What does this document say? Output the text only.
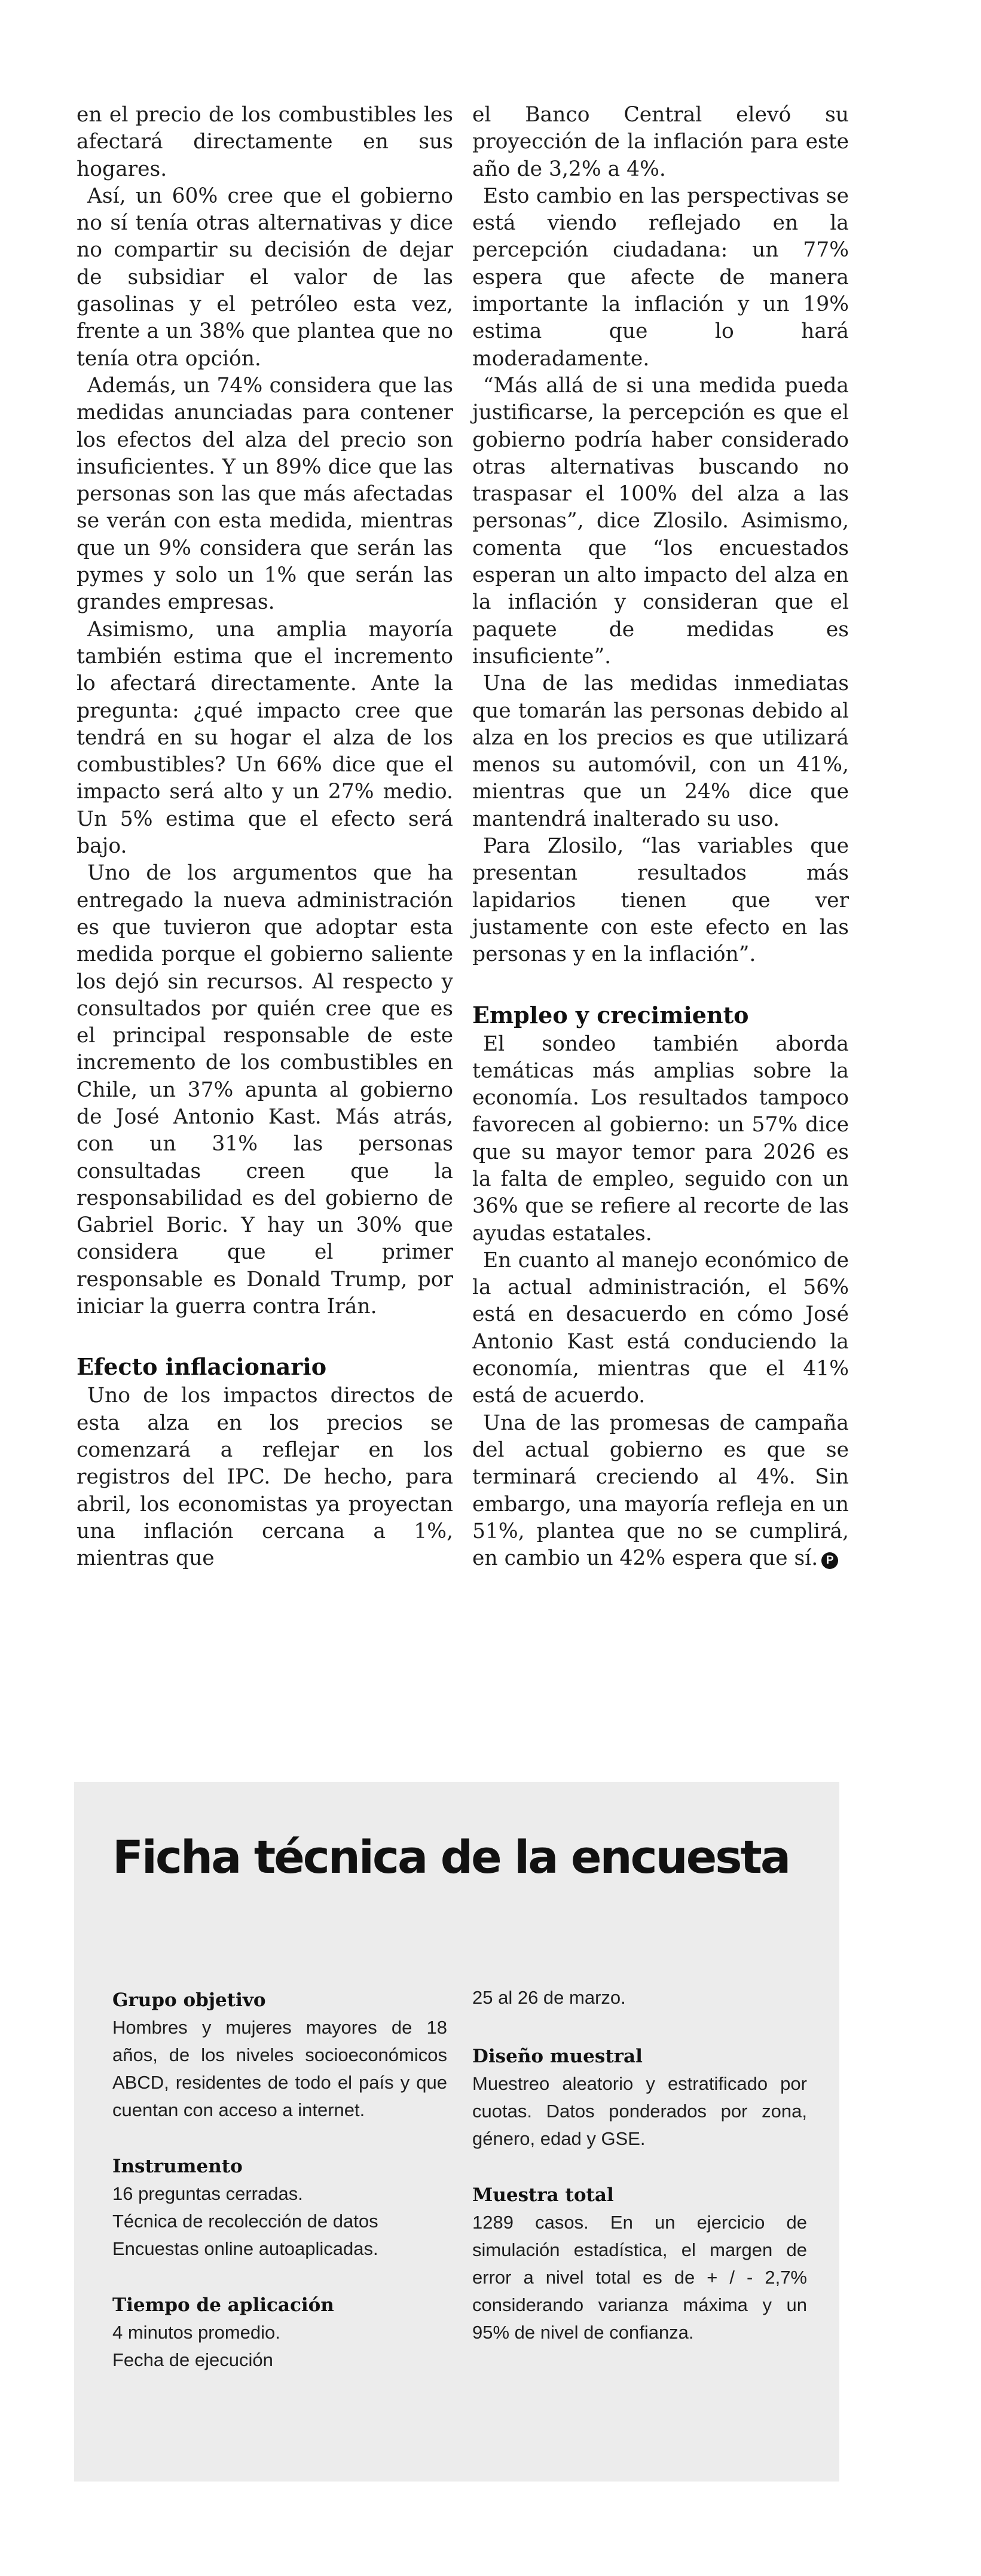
en el precio de los combustibles les afectará directamente en sus hogares.

Así, un 60% cree que el gobierno no sí tenía otras alternativas y dice no compartir su decisión de dejar de subsidiar el valor de las gasolinas y el petróleo esta vez, frente a un 38% que plantea que no tenía otra opción.

Además, un 74% considera que las medidas anunciadas para contener los efectos del alza del precio son insuficientes. Y un 89% dice que las personas son las que más afectadas se verán con esta medida, mientras que un 9% considera que serán las pymes y solo un 1% que serán las grandes empresas.

Asimismo, una amplia mayoría también estima que el incremento lo afectará directamente. Ante la pregunta: ¿qué impacto cree que tendrá en su hogar el alza de los combustibles? Un 66% dice que el impacto será alto y un 27% medio. Un 5% estima que el efecto será bajo.

Uno de los argumentos que ha entregado la nueva administración es que tuvieron que adoptar esta medida porque el gobierno saliente los dejó sin recursos. Al respecto y consultados por quién cree que es el principal responsable de este incremento de los combustibles en Chile, un 37% apunta al gobierno de José Antonio Kast. Más atrás, con un 31% las personas consultadas creen que la responsabilidad es del gobierno de Gabriel Boric. Y hay un 30% que considera que el primer responsable es Donald Trump, por iniciar la guerra contra Irán.

Efecto inflacionario

Uno de los impactos directos de esta alza en los precios se comenzará a reflejar en los registros del IPC. De hecho, para abril, los economistas ya proyectan una inflación cercana a 1%, mientras que

el Banco Central elevó su proyección de la inflación para este año de 3,2% a 4%.

Esto cambio en las perspectivas se está viendo reflejado en la percepción ciudadana: un 77% espera que afecte de manera importante la inflación y un 19% estima que lo hará moderadamente.

“Más allá de si una medida pueda justificarse, la percepción es que el gobierno podría haber considerado otras alternativas buscando no traspasar el 100% del alza a las personas”, dice Zlosilo. Asimismo, comenta que “los encuestados esperan un alto impacto del alza en la inflación y consideran que el paquete de medidas es insuficiente”.

Una de las medidas inmediatas que tomarán las personas debido al alza en los precios es que utilizará menos su automóvil, con un 41%, mientras que un 24% dice que mantendrá inalterado su uso.

Para Zlosilo, “las variables que presentan resultados más lapidarios tienen que ver justamente con este efecto en las personas y en la inflación”.

Empleo y crecimiento

El sondeo también aborda temáticas más amplias sobre la economía. Los resultados tampoco favorecen al gobierno: un 57% dice que su mayor temor para 2026 es la falta de empleo, seguido con un 36% que se refiere al recorte de las ayudas estatales.

En cuanto al manejo económico de la actual administración, el 56% está en desacuerdo en cómo José Antonio Kast está conduciendo la economía, mientras que el 41% está de acuerdo.

Una de las promesas de campaña del actual gobierno es que se terminará creciendo al 4%. Sin embargo, una mayoría refleja en un 51%, plantea que no se cumplirá, en cambio un 42% espera que sí. P

Ficha técnica de la encuesta
Grupo objetivo

Hombres y mujeres mayores de 18 años, de los niveles socioeconómicos ABCD, residentes de todo el país y que cuentan con acceso a internet.

Instrumento

16 preguntas cerradas.

Técnica de recolección de datos

Encuestas online autoaplicadas.

Tiempo de aplicación

4 minutos promedio.

Fecha de ejecución

25 al 26 de marzo.

Diseño muestral

Muestreo aleatorio y estratificado por cuotas. Datos ponderados por zona, género, edad y GSE.

Muestra total

1289 casos. En un ejercicio de simulación estadística, el margen de error a nivel total es de + / - 2,7% considerando varianza máxima y un 95% de nivel de confianza.
